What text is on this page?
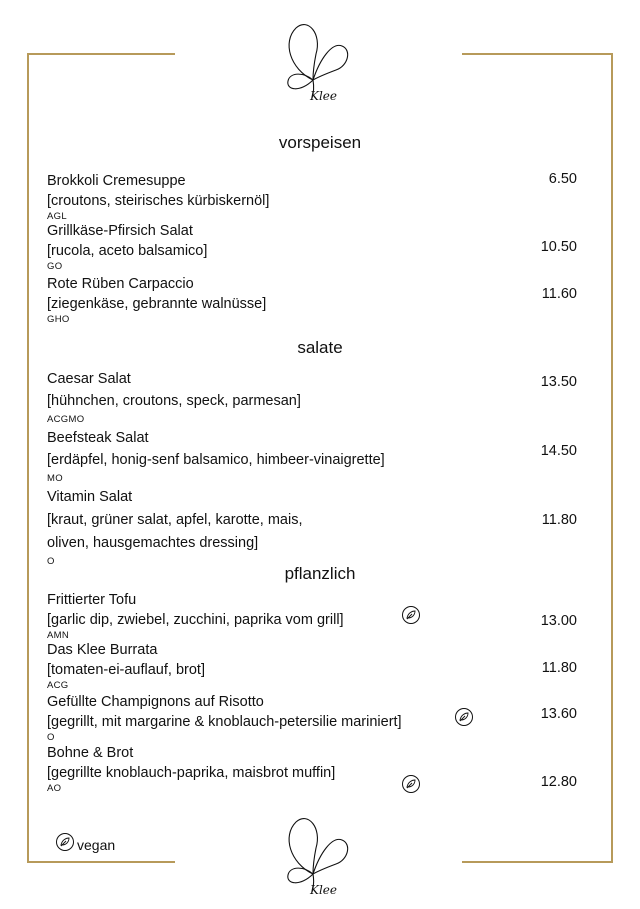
Klee
vorspeisen
Brokkoli Cremesuppe
[croutons, steirisches kürbiskernöl]
AGL
6.50
Grillkäse-Pfirsich Salat
[rucola, aceto balsamico]
GO
10.50
Rote Rüben Carpaccio
[ziegenkäse, gebrannte walnüsse]
GHO
11.60
salate
Caesar Salat
[hühnchen, croutons, speck, parmesan]
ACGMO
13.50
Beefsteak Salat
[erdäpfel, honig-senf balsamico, himbeer-vinaigrette]
MO
14.50
Vitamin Salat
[kraut, grüner salat, apfel, karotte, mais,
oliven, hausgemachtes dressing]
O
11.80
pflanzlich
Frittierter Tofu
[garlic dip, zwiebel, zucchini, paprika vom grill]
AMN
13.00
Das Klee Burrata
[tomaten-ei-auflauf, brot]
ACG
11.80
Gefüllte Champignons auf Risotto
[gegrillt, mit margarine & knoblauch-petersilie mariniert]
O
13.60
Bohne & Brot
[gegrillte knoblauch-paprika, maisbrot muffin]
AO	12.80
vegan
Klee
